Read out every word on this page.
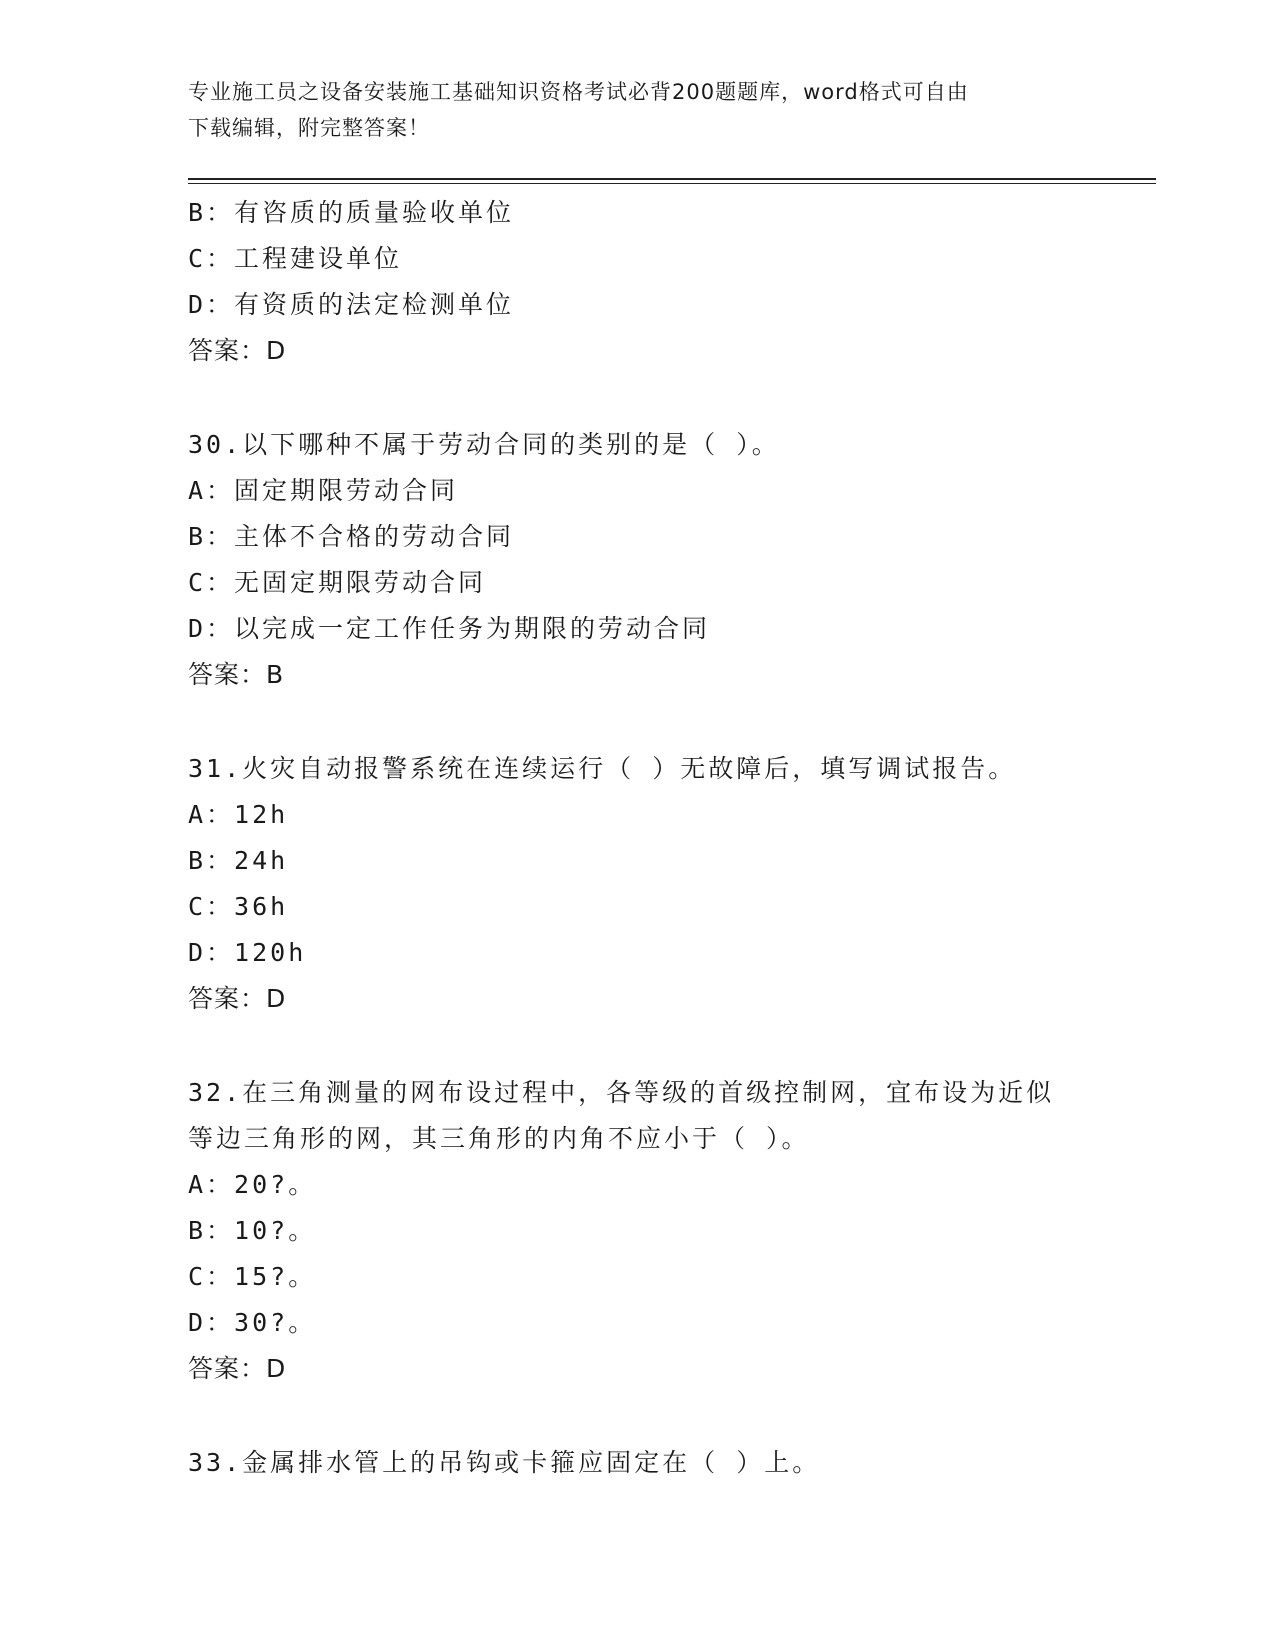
专业施工员之设备安装施工基础知识资格考试必背200题题库，word格式可自由
下载编辑，附完整答案！
B：有咨质的质量验收单位
C：工程建设单位
D：有资质的法定检测单位
答案：D
30.以下哪种不属于劳动合同的类别的是（ ）。
A：固定期限劳动合同
B：主体不合格的劳动合同
C：无固定期限劳动合同
D：以完成一定工作任务为期限的劳动合同
答案：B
31.火灾自动报警系统在连续运行（ ）无故障后，填写调试报告。
A：12h
B：24h
C：36h
D：120h
答案：D
32.在三角测量的网布设过程中，各等级的首级控制网，宜布设为近似
等边三角形的网，其三角形的内角不应小于（ ）。
A：20?。
B：10?。
C：15?。
D：30?。
答案：D
33.金属排水管上的吊钩或卡箍应固定在（ ）上。
